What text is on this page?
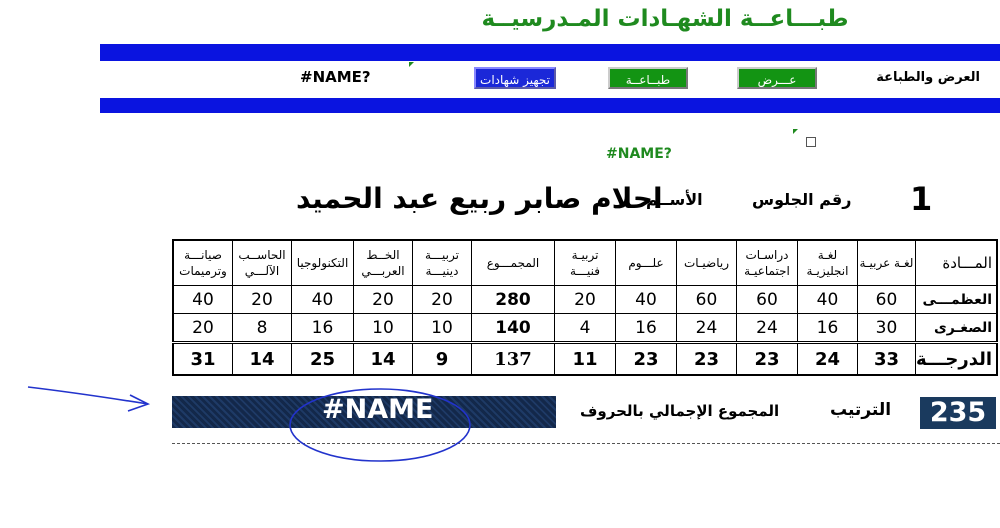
طبـــاعــة الشهـادات المـدرسيــة
العرض والطباعة
عـــرض
طبــاعــة
تجهيز شهادات
#NAME?
#NAME?
1
رقم الجلوس
الأســم
احلام صابر ربيع عبد الحميد
المـــادة	لغـة عربيـة	لغـة انجليزيـة	دراسـات اجتماعيـة	رياضيـات	علـــوم	تربيـة فنيـــة	المجمـــوع	تربيـــة دينيـــة	الخــط العربـــي	التكنولوجيا	الحاســب الآلـــي	صيانـــة وترميمات
العظمـــى	60	40	60	60	40	20	280	20	20	40	20	40
الصغـرى	30	16	24	24	16	4	140	10	10	16	8	20
الدرجـــة	33	24	23	23	23	11	137	9	14	25	14	31
#NAME	المجموع الإجمالي بالحروف	الترتيب	235
